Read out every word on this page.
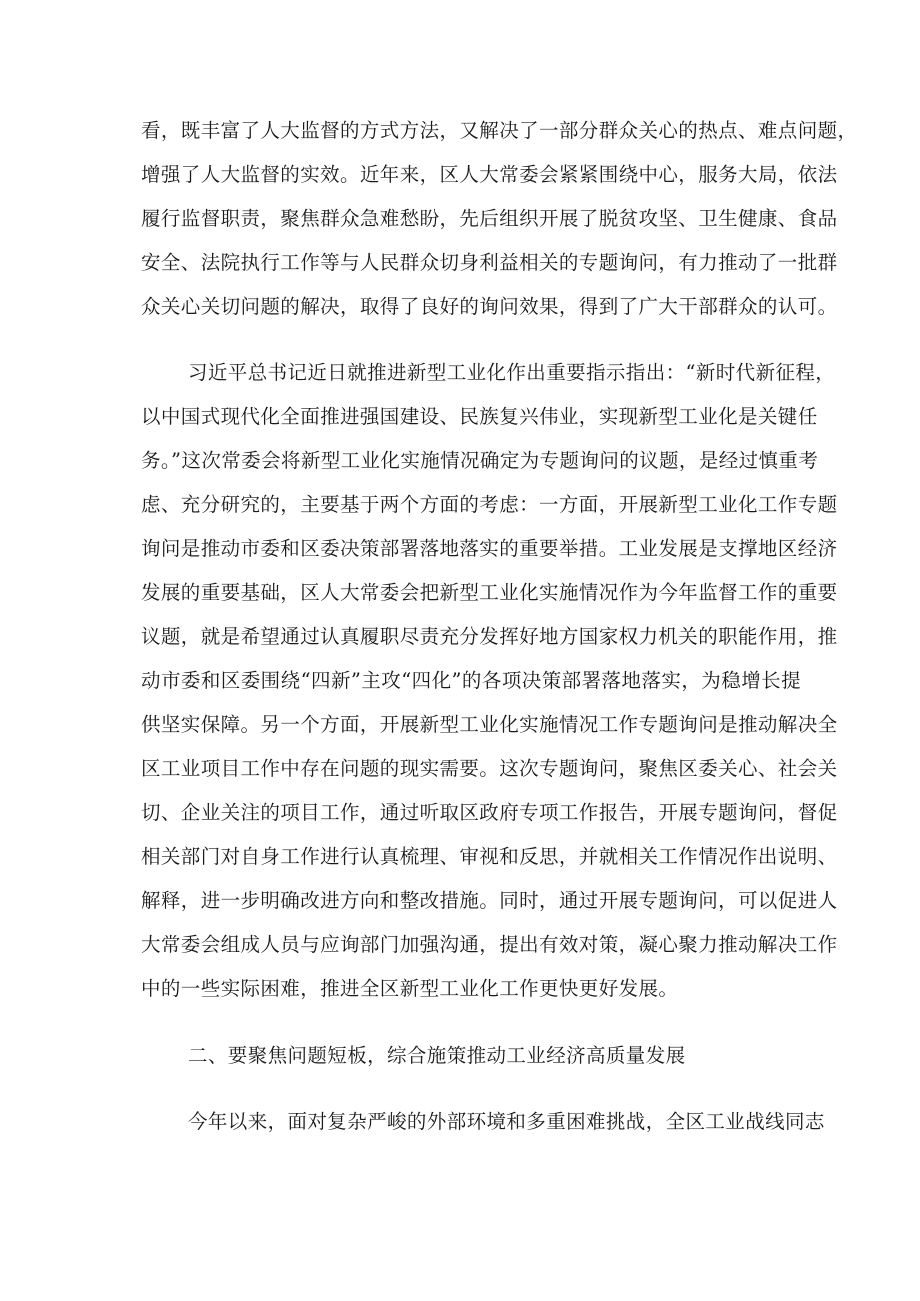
看，既丰富了人大监督的方式方法，又解决了一部分群众关心的热点、难点问题，
增强了人大监督的实效。近年来，区人大常委会紧紧围绕中心，服务大局，依法
履行监督职责，聚焦群众急难愁盼，先后组织开展了脱贫攻坚、卫生健康、食品
安全、法院执行工作等与人民群众切身利益相关的专题询问，有力推动了一批群
众关心关切问题的解决，取得了良好的询问效果，得到了广大干部群众的认可。
习近平总书记近日就推进新型工业化作出重要指示指出：“新时代新征程，
以中国式现代化全面推进强国建设、民族复兴伟业，实现新型工业化是关键任
务。”这次常委会将新型工业化实施情况确定为专题询问的议题，是经过慎重考
虑、充分研究的，主要基于两个方面的考虑：一方面，开展新型工业化工作专题
询问是推动市委和区委决策部署落地落实的重要举措。工业发展是支撑地区经济
发展的重要基础，区人大常委会把新型工业化实施情况作为今年监督工作的重要
议题，就是希望通过认真履职尽责充分发挥好地方国家权力机关的职能作用，推
动市委和区委围绕“四新”主攻“四化”的各项决策部署落地落实，为稳增长提
供坚实保障。另一个方面，开展新型工业化实施情况工作专题询问是推动解决全
区工业项目工作中存在问题的现实需要。这次专题询问，聚焦区委关心、社会关
切、企业关注的项目工作，通过听取区政府专项工作报告，开展专题询问，督促
相关部门对自身工作进行认真梳理、审视和反思，并就相关工作情况作出说明、
解释，进一步明确改进方向和整改措施。同时，通过开展专题询问，可以促进人
大常委会组成人员与应询部门加强沟通，提出有效对策，凝心聚力推动解决工作
中的一些实际困难，推进全区新型工业化工作更快更好发展。
二、要聚焦问题短板，综合施策推动工业经济高质量发展
今年以来，面对复杂严峻的外部环境和多重困难挑战，全区工业战线同志
